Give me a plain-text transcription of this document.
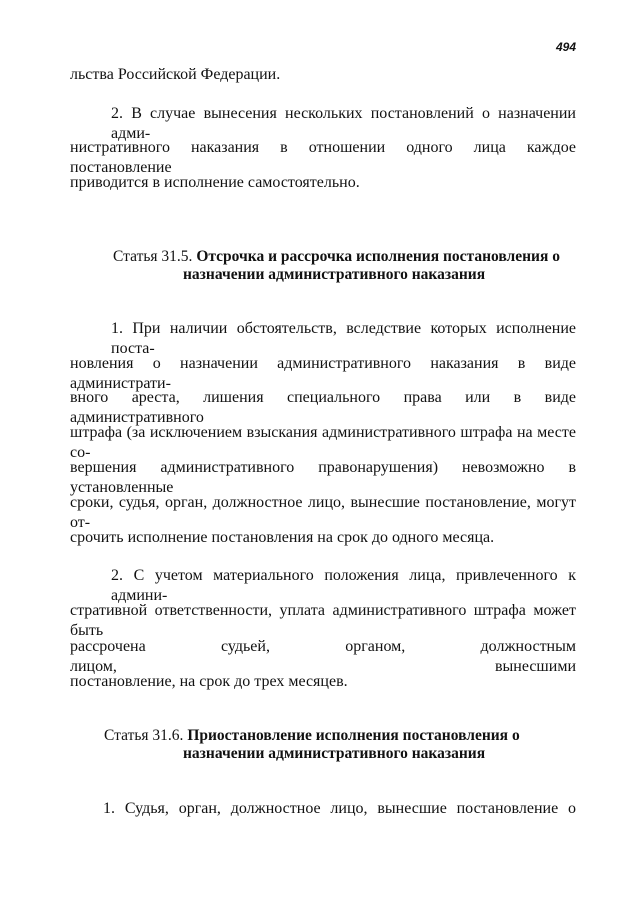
494
льства Российской Федерации.
2. В случае вынесения нескольких постановлений о назначении адми-
нистративного наказания в отношении одного лица каждое постановление
приводится в исполнение самостоятельно.
Статья 31.5. Отсрочка и рассрочка исполнения постановления о
назначении административного наказания
1. При наличии обстоятельств, вследствие которых исполнение поста-
новления о назначении административного наказания в виде администрати-
вного ареста, лишения специального права или в виде административного
штрафа (за исключением взыскания административного штрафа на месте со-
вершения административного правонарушения) невозможно в установленные
сроки, судья, орган, должностное лицо, вынесшие постановление, могут от-
срочить исполнение постановления на срок до одного месяца.
2. С учетом материального положения лица, привлеченного к админи-
стративной ответственности, уплата административного штрафа может быть
рассрочена судьей, органом, должностным лицом, вынесшими
постановление, на срок до трех месяцев.
Статья 31.6. Приостановление исполнения постановления о
назначении административного наказания
1. Судья, орган, должностное лицо, вынесшие постановление о
